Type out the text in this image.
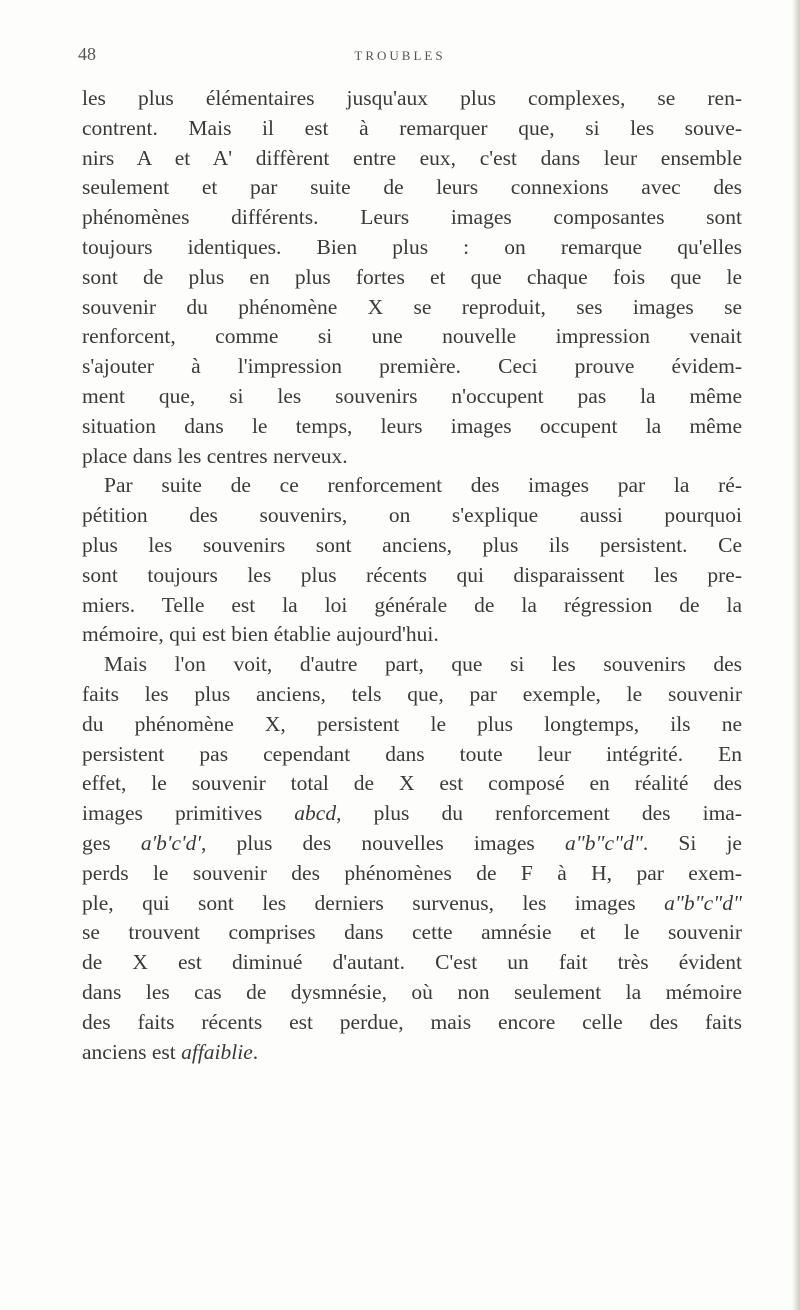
48	TROUBLES
les plus élémentaires jusqu'aux plus complexes, se ren-
contrent. Mais il est à remarquer que, si les souve-
nirs A et A' diffèrent entre eux, c'est dans leur ensemble
seulement et par suite de leurs connexions avec des
phénomènes différents. Leurs images composantes sont
toujours identiques. Bien plus : on remarque qu'elles
sont de plus en plus fortes et que chaque fois que le
souvenir du phénomène X se reproduit, ses images se
renforcent, comme si une nouvelle impression venait
s'ajouter à l'impression première. Ceci prouve évidem-
ment que, si les souvenirs n'occupent pas la même
situation dans le temps, leurs images occupent la même
place dans les centres nerveux.
Par suite de ce renforcement des images par la ré-
pétition des souvenirs, on s'explique aussi pourquoi
plus les souvenirs sont anciens, plus ils persistent. Ce
sont toujours les plus récents qui disparaissent les pre-
miers. Telle est la loi générale de la régression de la
mémoire, qui est bien établie aujourd'hui.
Mais l'on voit, d'autre part, que si les souvenirs des
faits les plus anciens, tels que, par exemple, le souvenir
du phénomène X, persistent le plus longtemps, ils ne
persistent pas cependant dans toute leur intégrité. En
effet, le souvenir total de X est composé en réalité des
images primitives abcd, plus du renforcement des ima-
ges a'b'c'd', plus des nouvelles images a"b"c"d". Si je
perds le souvenir des phénomènes de F à H, par exem-
ple, qui sont les derniers survenus, les images a"b"c"d"
se trouvent comprises dans cette amnésie et le souvenir
de X est diminué d'autant. C'est un fait très évident
dans les cas de dysmnésie, où non seulement la mémoire
des faits récents est perdue, mais encore celle des faits
anciens est affaiblie.
